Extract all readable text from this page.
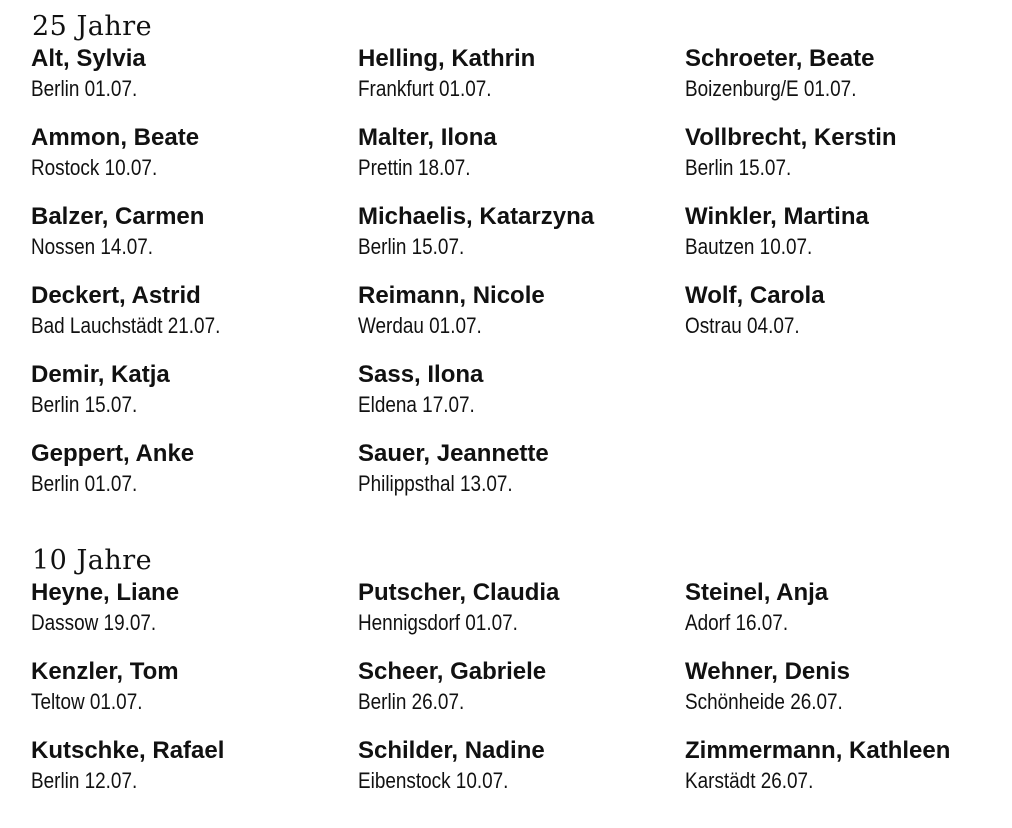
25 Jahre
Alt, Sylvia
Berlin 01.07.
Ammon, Beate
Rostock 10.07.
Balzer, Carmen
Nossen 14.07.
Deckert, Astrid
Bad Lauchstädt 21.07.
Demir, Katja
Berlin 15.07.
Geppert, Anke
Berlin 01.07.
Helling, Kathrin
Frankfurt 01.07.
Malter, Ilona
Prettin 18.07.
Michaelis, Katarzyna
Berlin 15.07.
Reimann, Nicole
Werdau 01.07.
Sass, Ilona
Eldena 17.07.
Sauer, Jeannette
Philippsthal 13.07.
Schroeter, Beate
Boizenburg/E 01.07.
Vollbrecht, Kerstin
Berlin 15.07.
Winkler, Martina
Bautzen 10.07.
Wolf, Carola
Ostrau 04.07.
10 Jahre
Heyne, Liane
Dassow 19.07.
Kenzler, Tom
Teltow 01.07.
Kutschke, Rafael
Berlin 12.07.
Putscher, Claudia
Hennigsdorf 01.07.
Scheer, Gabriele
Berlin 26.07.
Schilder, Nadine
Eibenstock 10.07.
Steinel, Anja
Adorf 16.07.
Wehner, Denis
Schönheide 26.07.
Zimmermann, Kathleen
Karstädt 26.07.
